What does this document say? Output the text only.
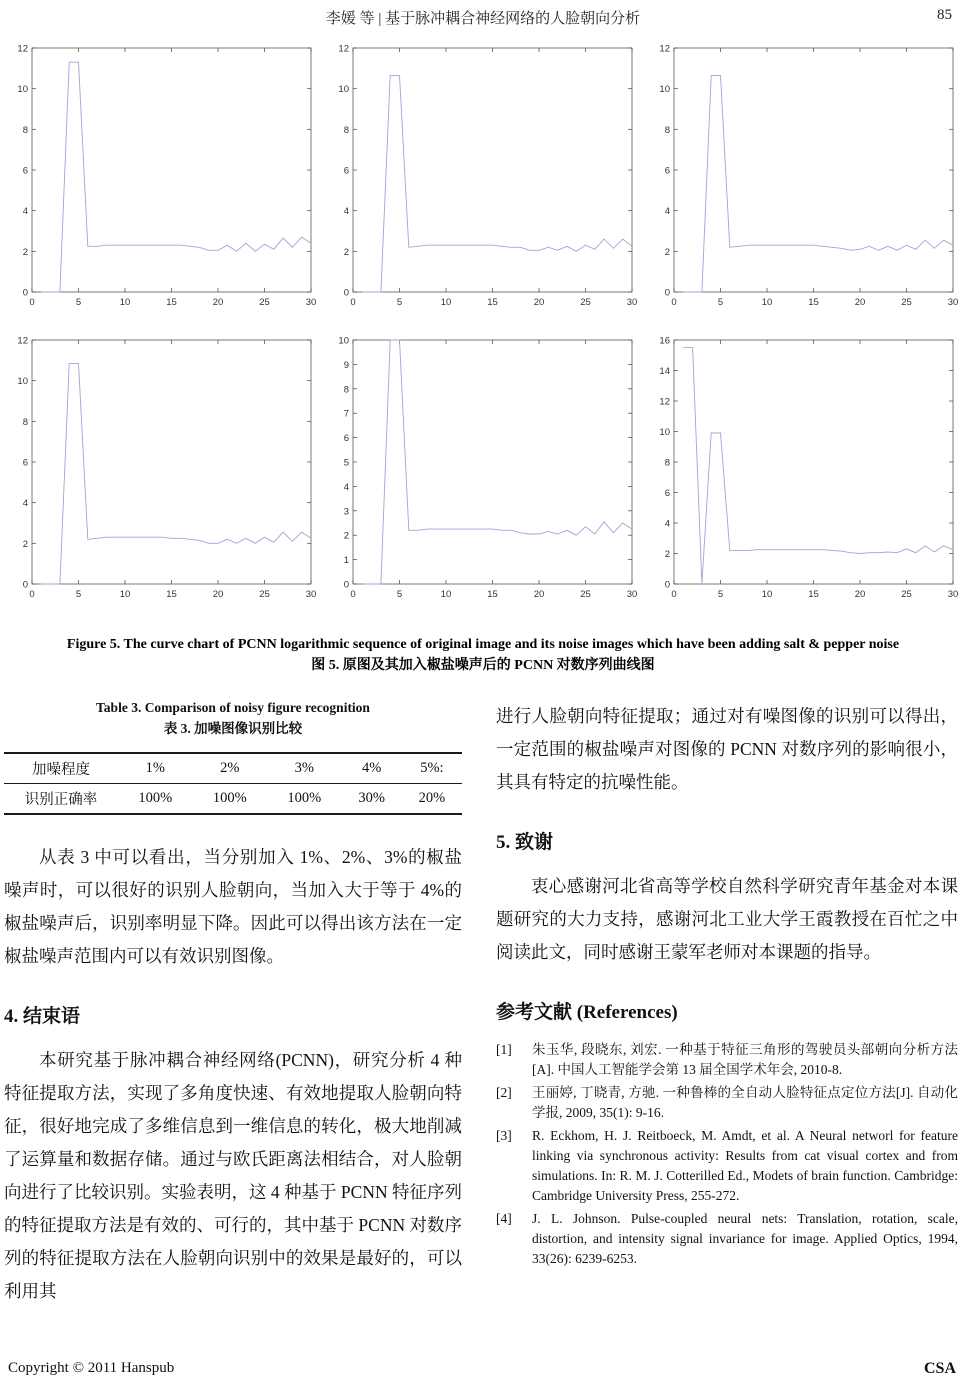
李媛 等 | 基于脉冲耦合神经网络的人脸朝向分析	85
0	5	10	15	20	25	30
0
2
4
6
8
10
12
0	5	10	15	20	25	30
0
2
4
6
8
10
12
0	5	10	15	20	25	30
0
2
4
6
8
10
12
0	5	10	15	20	25	30
0
2
4
6
8
10
12
0	5	10	15	20	25	30
0
1
2
3
4
5
6
7
8
9
10
0	5	10	15	20	25	30
0
2
4
6
8
10
12
14
16
Figure 5. The curve chart of PCNN logarithmic sequence of original image and its noise images which have been adding salt & pepper noise
图 5. 原图及其加入椒盐噪声后的 PCNN 对数序列曲线图
Table 3. Comparison of noisy figure recognition
表 3. 加噪图像识别比较
加噪程度	1%	2%	3%	4%	5%:
识别正确率	100%	100%	100%	30%	20%

从表 3 中可以看出，当分别加入 1%、2%、3%的椒盐噪声时，可以很好的识别人脸朝向，当加入大于等于 4%的椒盐噪声后，识别率明显下降。因此可以得出该方法在一定椒盐噪声范围内可以有效识别图像。

4. 结束语

本研究基于脉冲耦合神经网络(PCNN)，研究分析 4 种特征提取方法，实现了多角度快速、有效地提取人脸朝向特征，很好地完成了多维信息到一维信息的转化，极大地削减了运算量和数据存储。通过与欧氏距离法相结合，对人脸朝向进行了比较识别。实验表明，这 4 种基于 PCNN 特征序列的特征提取方法是有效的、可行的，其中基于 PCNN 对数序列的特征提取方法在人脸朝向识别中的效果是最好的，可以利用其

进行人脸朝向特征提取；通过对有噪图像的识别可以得出，一定范围的椒盐噪声对图像的 PCNN 对数序列的影响很小，其具有特定的抗噪性能。

5. 致谢

衷心感谢河北省高等学校自然科学研究青年基金对本课题研究的大力支持，感谢河北工业大学王霞教授在百忙之中阅读此文，同时感谢王蒙军老师对本课题的指导。

参考文献 (References)
[1]	朱玉华, 段晓东, 刘宏. 一种基于特征三角形的驾驶员头部朝向分析方法[A]. 中国人工智能学会第 13 届全国学术年会, 2010-8.
[2]	王丽婷, 丁晓青, 方驰. 一种鲁棒的全自动人脸特征点定位方法[J]. 自动化学报, 2009, 35(1): 9-16.
[3]	R. Eckhom, H. J. Reitboeck, M. Amdt, et al. A Neural networl for feature linking via synchronous activity: Results from cat visual cortex and from simulations. In: R. M. J. Cotterilled Ed., Modets of brain function. Cambridge: Cambridge University Press, 255-272.
[4]	J. L. Johnson. Pulse-coupled neural nets: Translation, rotation, scale, distortion, and intensity signal invariance for image. Applied Optics, 1994, 33(26): 6239-6253.
Copyright © 2011 Hanspub	CSA
